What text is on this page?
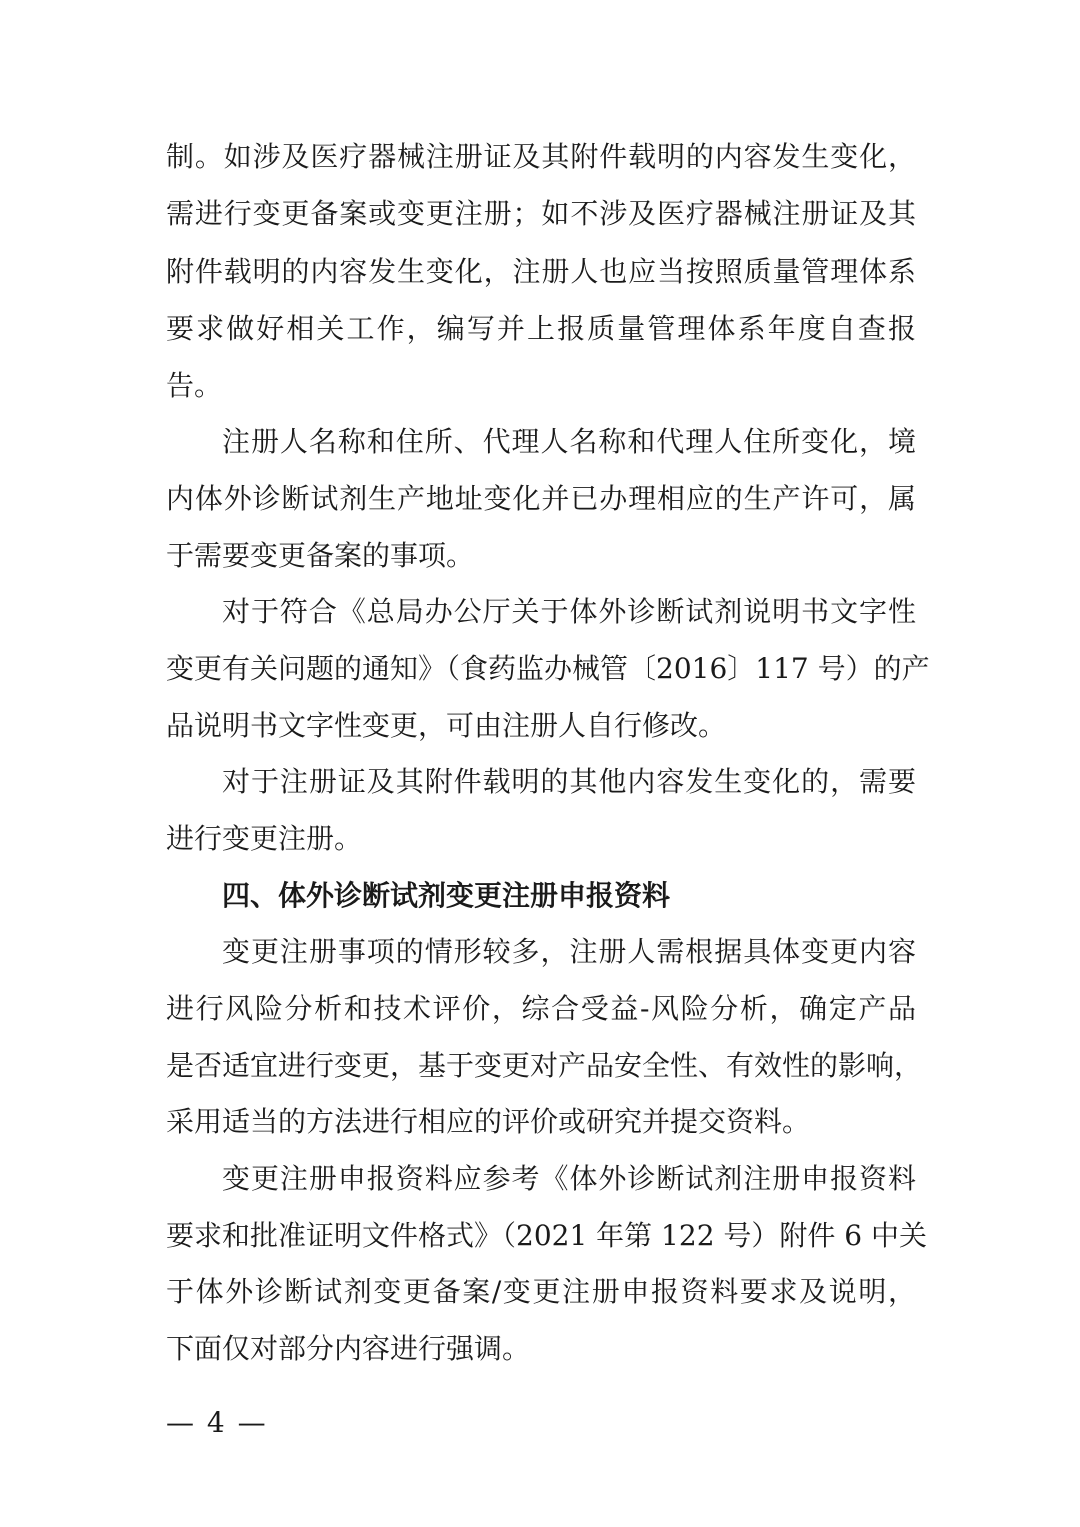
制。如涉及医疗器械注册证及其附件载明的内容发生变化，
需进行变更备案或变更注册；如不涉及医疗器械注册证及其
附件载明的内容发生变化，注册人也应当按照质量管理体系
要求做好相关工作，编写并上报质量管理体系年度自查报
告。
注册人名称和住所、代理人名称和代理人住所变化，境
内体外诊断试剂生产地址变化并已办理相应的生产许可，属
于需要变更备案的事项。
对于符合《总局办公厅关于体外诊断试剂说明书文字性
变更有关问题的通知》（食药监办械管〔2016〕117 号）的产
品说明书文字性变更，可由注册人自行修改。
对于注册证及其附件载明的其他内容发生变化的，需要
进行变更注册。
四、体外诊断试剂变更注册申报资料
变更注册事项的情形较多，注册人需根据具体变更内容
进行风险分析和技术评价，综合受益-风险分析，确定产品
是否适宜进行变更，基于变更对产品安全性、有效性的影响，
采用适当的方法进行相应的评价或研究并提交资料。
变更注册申报资料应参考《体外诊断试剂注册申报资料
要求和批准证明文件格式》（2021 年第 122 号）附件 6 中关
于体外诊断试剂变更备案/变更注册申报资料要求及说明，
下面仅对部分内容进行强调。
— 4 —
